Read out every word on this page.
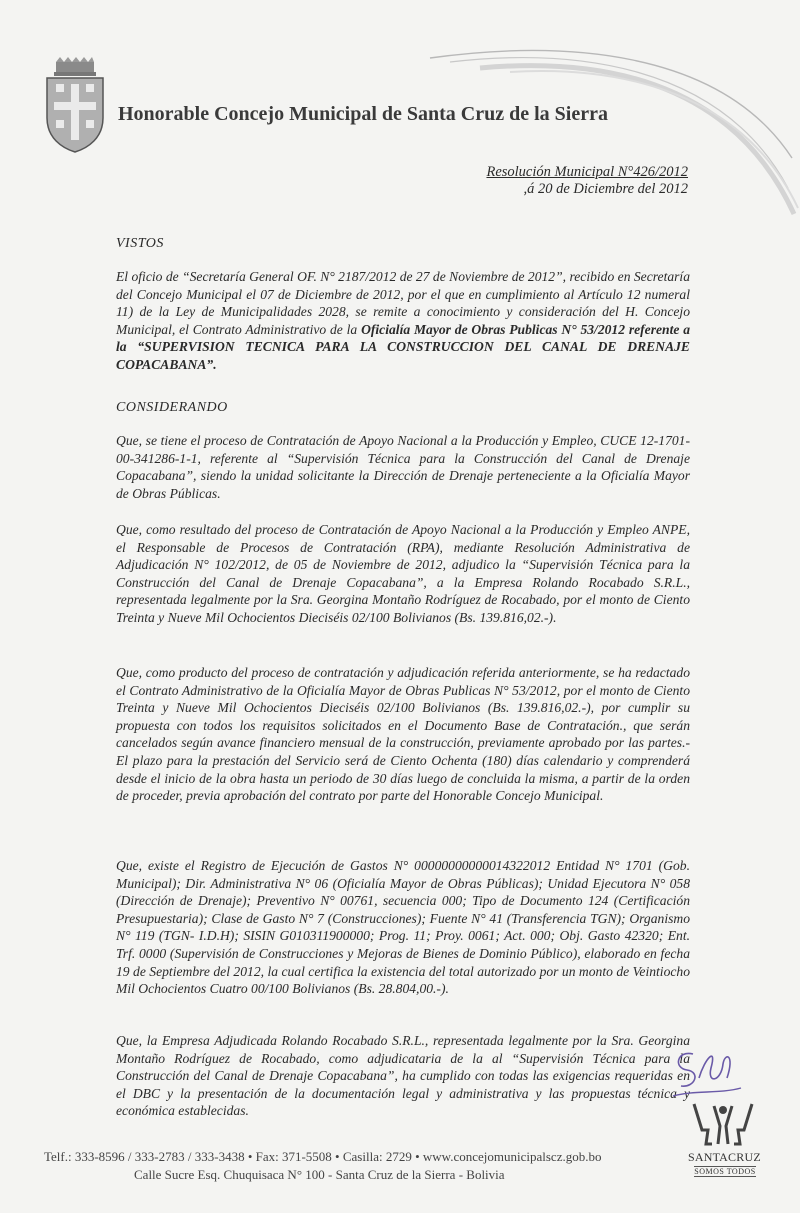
Honorable Concejo Municipal de Santa Cruz de la Sierra
Resolución Municipal N°426/2012
,á 20 de Diciembre del 2012
VISTOS

El oficio de “Secretaría General OF. N° 2187/2012 de 27 de Noviembre de 2012”, recibido en Secretaría del Concejo Municipal el 07 de Diciembre de 2012, por el que en cumplimiento al Artículo 12 numeral 11) de la Ley de Municipalidades 2028, se remite a conocimiento y consideración del H. Concejo Municipal, el Contrato Administrativo de la Oficialía Mayor de Obras Publicas N° 53/2012 referente a la “SUPERVISION TECNICA PARA LA CONSTRUCCION DEL CANAL DE DRENAJE COPACABANA”.

CONSIDERANDO

Que, se tiene el proceso de Contratación de Apoyo Nacional a la Producción y Empleo, CUCE 12-1701-00-341286-1-1, referente al “Supervisión Técnica para la Construcción del Canal de Drenaje Copacabana”, siendo la unidad solicitante la Dirección de Drenaje perteneciente a la Oficialía Mayor de Obras Públicas.

Que, como resultado del proceso de Contratación de Apoyo Nacional a la Producción y Empleo ANPE, el Responsable de Procesos de Contratación (RPA), mediante Resolución Administrativa de Adjudicación N° 102/2012, de 05 de Noviembre de 2012, adjudico la “Supervisión Técnica para la Construcción del Canal de Drenaje Copacabana”, a la Empresa Rolando Rocabado S.R.L., representada legalmente por la Sra. Georgina Montaño Rodríguez de Rocabado, por el monto de Ciento Treinta y Nueve Mil Ochocientos Dieciséis 02/100 Bolivianos (Bs. 139.816,02.-).

Que, como producto del proceso de contratación y adjudicación referida anteriormente, se ha redactado el Contrato Administrativo de la Oficialía Mayor de Obras Publicas N° 53/2012, por el monto de Ciento Treinta y Nueve Mil Ochocientos Dieciséis 02/100 Bolivianos (Bs. 139.816,02.-), por cumplir su propuesta con todos los requisitos solicitados en el Documento Base de Contratación., que serán cancelados según avance financiero mensual de la construcción, previamente aprobado por las partes.- El plazo para la prestación del Servicio será de Ciento Ochenta (180) días calendario y comprenderá desde el inicio de la obra hasta un periodo de 30 días luego de concluida la misma, a partir de la orden de proceder, previa aprobación del contrato por parte del Honorable Concejo Municipal.

Que, existe el Registro de Ejecución de Gastos N° 00000000000014322012 Entidad N° 1701 (Gob. Municipal); Dir. Administrativa N° 06 (Oficialía Mayor de Obras Públicas); Unidad Ejecutora N° 058 (Dirección de Drenaje); Preventivo N° 00761, secuencia 000; Tipo de Documento 124 (Certificación Presupuestaria); Clase de Gasto N° 7 (Construcciones); Fuente N° 41 (Transferencia TGN); Organismo N° 119 (TGN- I.D.H); SISIN G010311900000; Prog. 11; Proy. 0061; Act. 000; Obj. Gasto 42320; Ent. Trf. 0000 (Supervisión de Construcciones y Mejoras de Bienes de Dominio Público), elaborado en fecha 19 de Septiembre del 2012, la cual certifica la existencia del total autorizado por un monto de Veintiocho Mil Ochocientos Cuatro 00/100 Bolivianos (Bs. 28.804,00.-).

Que, la Empresa Adjudicada Rolando Rocabado S.R.L., representada legalmente por la Sra. Georgina Montaño Rodríguez de Rocabado, como adjudicataria de la al “Supervisión Técnica para la Construcción del Canal de Drenaje Copacabana”, ha cumplido con todas las exigencias requeridas en el DBC y la presentación de la documentación legal y administrativa y las propuestas técnica y económica establecidas.

Telf.: 333-8596 / 333-2783 / 333-3438 • Fax: 371-5508 • Casilla: 2729 • www.concejomunicipalscz.gob.bo
Calle Sucre Esq. Chuquisaca N° 100 - Santa Cruz de la Sierra - Bolivia
SANTACRUZ
SOMOS TODOS
